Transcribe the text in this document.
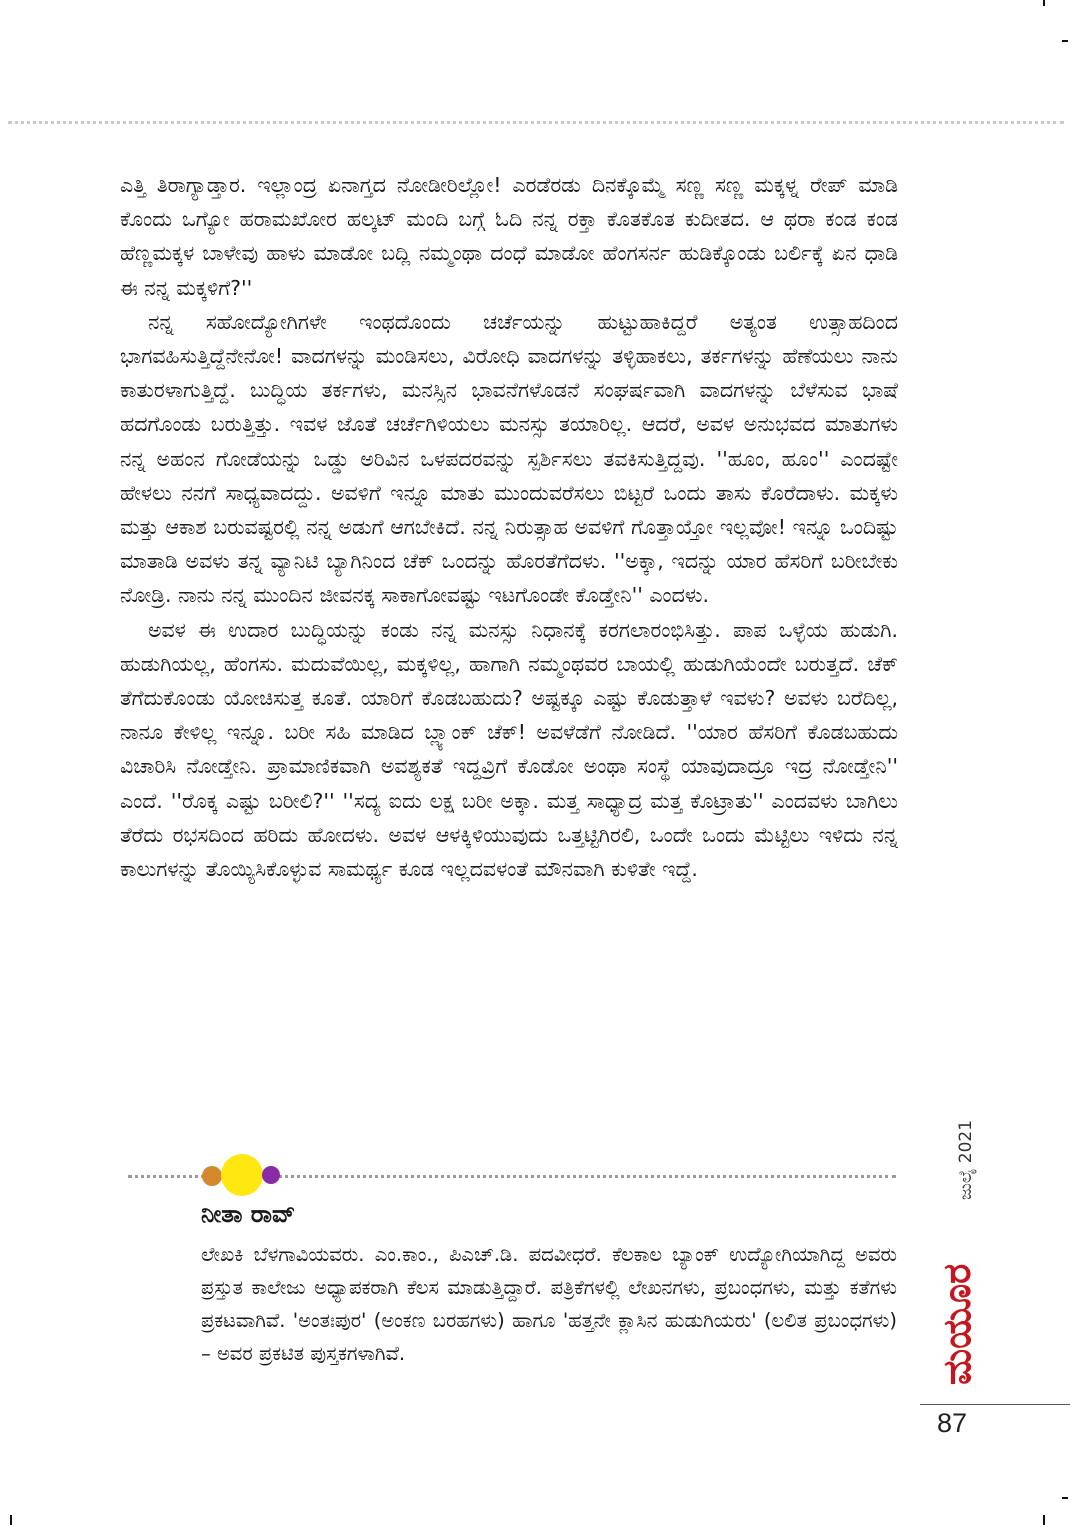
ಎತ್ತಿ ತಿರಾಗ್ಯಾಡ್ತಾರ. ಇಲ್ಲಾಂದ್ರ ಏನಾಗ್ತದ ನೋಡೀರಿಲ್ಲೋ! ಎರಡೆರಡು ದಿನಕ್ಕೊಮ್ಮೆ ಸಣ್ಣ ಸಣ್ಣ ಮಕ್ಕಳ್ನ ರೇಪ್ ಮಾಡಿ ಕೊಂದು ಒಗ್ಯೋ ಹರಾಮಖೋರ ಹಲ್ಕಟ್ ಮಂದಿ ಬಗ್ಗೆ ಓದಿ ನನ್ನ ರಕ್ತಾ ಕೊತಕೊತ ಕುದೀತದ. ಆ ಥರಾ ಕಂಡ ಕಂಡ ಹೆಣ್ಣಮಕ್ಕಳ ಬಾಳೇವು ಹಾಳು ಮಾಡೋ ಬದ್ಲಿ ನಮ್ಮಂಥಾ ದಂಧೆ ಮಾಡೋ ಹೆಂಗಸರ್ನ ಹುಡಿಕ್ಕೊಂಡು ಬರ್ಲಿಕ್ಕೆ ಏನ ಧಾಡಿ ಈ ನನ್ನ ಮಕ್ಕಳಿಗೆ?''

ನನ್ನ ಸಹೋದ್ಯೋಗಿಗಳೇ ಇಂಥದೊಂದು ಚರ್ಚೆಯನ್ನು ಹುಟ್ಟುಹಾಕಿದ್ದರೆ ಅತ್ಯಂತ ಉತ್ಸಾಹದಿಂದ ಭಾಗವಹಿಸುತ್ತಿದ್ದೆನೇನೋ! ವಾದಗಳನ್ನು ಮಂಡಿಸಲು, ವಿರೋಧಿ ವಾದಗಳನ್ನು ತಳ್ಳಿಹಾಕಲು, ತರ್ಕಗಳನ್ನು ಹೆಣೆಯಲು ನಾನು ಕಾತುರಳಾಗುತ್ತಿದ್ದೆ. ಬುದ್ಧಿಯ ತರ್ಕಗಳು, ಮನಸ್ಸಿನ ಭಾವನೆಗಳೊಡನೆ ಸಂಘರ್ಷವಾಗಿ ವಾದಗಳನ್ನು ಬೆಳೆಸುವ ಭಾಷೆ ಹದಗೊಂಡು ಬರುತ್ತಿತ್ತು. ಇವಳ ಜೊತೆ ಚರ್ಚೆಗಿಳಿಯಲು ಮನಸ್ಸು ತಯಾರಿಲ್ಲ. ಆದರೆ, ಅವಳ ಅನುಭವದ ಮಾತುಗಳು ನನ್ನ ಅಹಂನ ಗೋಡೆಯನ್ನು ಒಡ್ಡು ಅರಿವಿನ ಒಳಪದರವನ್ನು ಸ್ಪರ್ಶಿಸಲು ತವಕಿಸುತ್ತಿದ್ದವು. ''ಹೂಂ, ಹೂಂ'' ಎಂದಷ್ಟೇ ಹೇಳಲು ನನಗೆ ಸಾಧ್ಯವಾದದ್ದು. ಅವಳಿಗೆ ಇನ್ನೂ ಮಾತು ಮುಂದುವರೆಸಲು ಬಿಟ್ಟರೆ ಒಂದು ತಾಸು ಕೊರೆದಾಳು. ಮಕ್ಕಳು ಮತ್ತು ಆಕಾಶ ಬರುವಷ್ಟರಲ್ಲಿ ನನ್ನ ಅಡುಗೆ ಆಗಬೇಕಿದೆ. ನನ್ನ ನಿರುತ್ಸಾಹ ಅವಳಿಗೆ ಗೊತ್ತಾಯ್ತೋ ಇಲ್ಲವೋ! ಇನ್ನೂ ಒಂದಿಷ್ಟು ಮಾತಾಡಿ ಅವಳು ತನ್ನ ವ್ಯಾನಿಟಿ ಬ್ಯಾಗಿನಿಂದ ಚೆಕ್ ಒಂದನ್ನು ಹೊರತೆಗೆದಳು. ''ಅಕ್ಕಾ, ಇದನ್ನು ಯಾರ ಹೆಸರಿಗೆ ಬರೀಬೇಕು ನೋಡ್ರಿ. ನಾನು ನನ್ನ ಮುಂದಿನ ಜೀವನಕ್ಕ ಸಾಕಾಗೋವಷ್ಟು ಇಟಗೊಂಡೇ ಕೊಡ್ತೇನಿ'' ಎಂದಳು.

ಅವಳ ಈ ಉದಾರ ಬುದ್ಧಿಯನ್ನು ಕಂಡು ನನ್ನ ಮನಸ್ಸು ನಿಧಾನಕ್ಕೆ ಕರಗಲಾರಂಭಿಸಿತ್ತು. ಪಾಪ ಒಳ್ಳೆಯ ಹುಡುಗಿ. ಹುಡುಗಿಯಲ್ಲ, ಹೆಂಗಸು. ಮದುವೆಯಿಲ್ಲ, ಮಕ್ಕಳಿಲ್ಲ, ಹಾಗಾಗಿ ನಮ್ಮಂಥವರ ಬಾಯಲ್ಲಿ ಹುಡುಗಿಯೆಂದೇ ಬರುತ್ತದೆ. ಚೆಕ್ ತೆಗೆದುಕೊಂಡು ಯೋಚಿಸುತ್ತ ಕೂತೆ. ಯಾರಿಗೆ ಕೊಡಬಹುದು? ಅಷ್ಟಕ್ಕೂ ಎಷ್ಟು ಕೊಡುತ್ತಾಳೆ ಇವಳು? ಅವಳು ಬರೆದಿಲ್ಲ, ನಾನೂ ಕೇಳಿಲ್ಲ ಇನ್ನೂ. ಬರೀ ಸಹಿ ಮಾಡಿದ ಬ್ಲ್ಯಾಂಕ್ ಚೆಕ್! ಅವಳೆಡೆಗೆ ನೋಡಿದೆ. ''ಯಾರ ಹೆಸರಿಗೆ ಕೊಡಬಹುದು ವಿಚಾರಿಸಿ ನೋಡ್ತೇನಿ. ಪ್ರಾಮಾಣಿಕವಾಗಿ ಅವಶ್ಯಕತೆ ಇದ್ದವ್ರಿಗೆ ಕೊಡೋ ಅಂಥಾ ಸಂಸ್ಥೆ ಯಾವುದಾದ್ರೂ ಇದ್ರ ನೋಡ್ತೇನಿ'' ಎಂದೆ. ''ರೊಕ್ಕ ಎಷ್ಟು ಬರೀಲಿ?'' ''ಸದ್ಯ ಐದು ಲಕ್ಷ ಬರೀ ಅಕ್ಕಾ. ಮತ್ತ ಸಾಧ್ಯಾದ್ರ ಮತ್ತ ಕೊಟ್ರಾತು'' ಎಂದವಳು ಬಾಗಿಲು ತೆರೆದು ರಭಸದಿಂದ ಹರಿದು ಹೋದಳು. ಅವಳ ಆಳಕ್ಕಿಳಿಯುವುದು ಒತ್ತಟ್ಟಿಗಿರಲಿ, ಒಂದೇ ಒಂದು ಮೆಟ್ಟಿಲು ಇಳಿದು ನನ್ನ ಕಾಲುಗಳನ್ನು ತೊಯ್ಯಿಸಿಕೊಳ್ಳುವ ಸಾಮರ್ಥ್ಯ ಕೂಡ ಇಲ್ಲದವಳಂತೆ ಮೌನವಾಗಿ ಕುಳಿತೇ ಇದ್ದೆ.

ನೀತಾ ರಾವ್
ಲೇಖಕಿ ಬೆಳಗಾವಿಯವರು. ಎಂ.ಕಾಂ., ಪಿಎಚ್.ಡಿ. ಪದವೀಧರೆ. ಕೆಲಕಾಲ ಬ್ಯಾಂಕ್ ಉದ್ಯೋಗಿಯಾಗಿದ್ದ ಅವರು ಪ್ರಸ್ತುತ ಕಾಲೇಜು ಅಧ್ಯಾಪಕರಾಗಿ ಕೆಲಸ ಮಾಡುತ್ತಿದ್ದಾರೆ. ಪತ್ರಿಕೆಗಳಲ್ಲಿ ಲೇಖನಗಳು, ಪ್ರಬಂಧಗಳು, ಮತ್ತು ಕತೆಗಳು ಪ್ರಕಟವಾಗಿವೆ. 'ಅಂತಃಪುರ' (ಅಂಕಣ ಬರಹಗಳು) ಹಾಗೂ 'ಹತ್ತನೇ ಕ್ಲಾಸಿನ ಹುಡುಗಿಯರು' (ಲಲಿತ ಪ್ರಬಂಧಗಳು) – ಅವರ ಪ್ರಕಟಿತ ಪುಸ್ತಕಗಳಾಗಿವೆ.
ಜುಲೈ 2021
ಮಯೂರ
87
